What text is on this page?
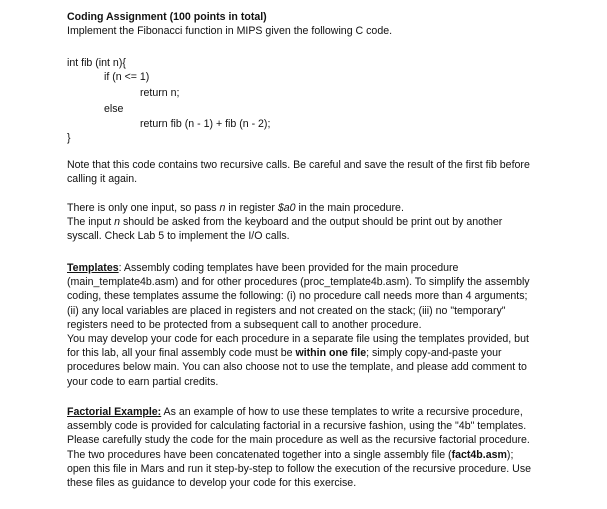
Coding Assignment (100 points in total)
Implement the Fibonacci function in MIPS given the following C code.
int fib (int n){
if (n <= 1)
return n;
else
return fib (n - 1) + fib (n - 2);
}

Note that this code contains two recursive calls. Be careful and save the result of the first fib before calling it again.

There is only one input, so pass n in register $a0 in the main procedure.
The input n should be asked from the keyboard and the output should be print out by another syscall. Check Lab 5 to implement the I/O calls.

Templates: Assembly coding templates have been provided for the main procedure (main_template4b.asm) and for other procedures (proc_template4b.asm). To simplify the assembly coding, these templates assume the following: (i) no procedure call needs more than 4 arguments; (ii) any local variables are placed in registers and not created on the stack; (iii) no "temporary" registers need to be protected from a subsequent call to another procedure.

You may develop your code for each procedure in a separate file using the templates provided, but for this lab, all your final assembly code must be within one file; simply copy-and-paste your procedures below main. You can also choose not to use the template, and please add comment to your code to earn partial credits.

Factorial Example: As an example of how to use these templates to write a recursive procedure, assembly code is provided for calculating factorial in a recursive fashion, using the "4b" templates. Please carefully study the code for the main procedure as well as the recursive factorial procedure. The two procedures have been concatenated together into a single assembly file (fact4b.asm); open this file in Mars and run it step-by-step to follow the execution of the recursive procedure. Use these files as guidance to develop your code for this exercise.
